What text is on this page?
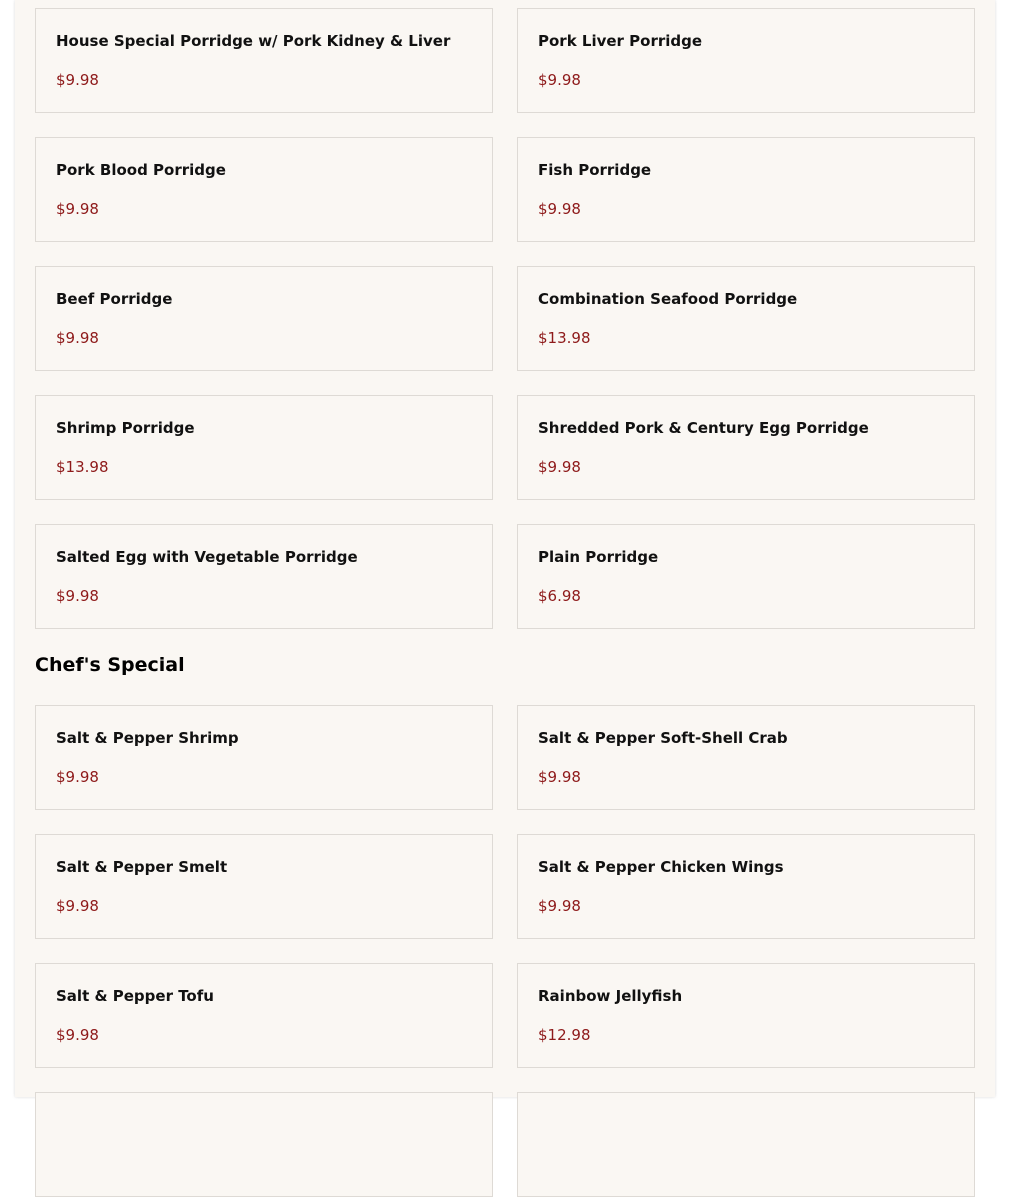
House Special Porridge w/ Pork Kidney & Liver
$9.98
Pork Liver Porridge
$9.98
Pork Blood Porridge
$9.98
Fish Porridge
$9.98
Beef Porridge
$9.98
Combination Seafood Porridge
$13.98
Shrimp Porridge
$13.98
Shredded Pork & Century Egg Porridge
$9.98
Salted Egg with Vegetable Porridge
$9.98
Plain Porridge
$6.98
Chef's Special
Salt & Pepper Shrimp
$9.98
Salt & Pepper Soft-Shell Crab
$9.98
Salt & Pepper Smelt
$9.98
Salt & Pepper Chicken Wings
$9.98
Salt & Pepper Tofu
$9.98
Rainbow Jellyfish
$12.98
